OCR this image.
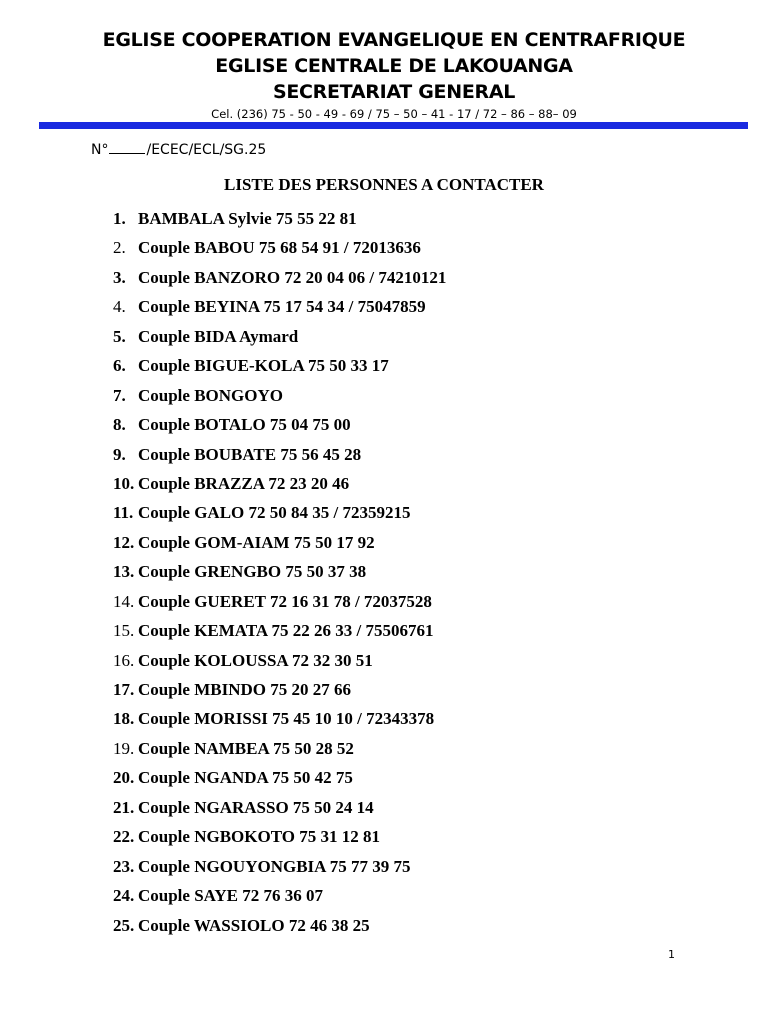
EGLISE COOPERATION EVANGELIQUE EN CENTRAFRIQUE
EGLISE CENTRALE DE LAKOUANGA
SECRETARIAT GENERAL
Cel. (236) 75 - 50 - 49 - 69 / 75 – 50 – 41 - 17 / 72 – 86 – 88– 09
N°	/ECEC/ECL/SG.25
LISTE DES PERSONNES A CONTACTER
1. BAMBALA Sylvie 75 55 22 81
2. Couple BABOU 75 68 54 91 / 72013636
3. Couple BANZORO 72 20 04 06 / 74210121
4. Couple BEYINA 75 17 54 34 / 75047859
5. Couple BIDA Aymard
6. Couple BIGUE-KOLA 75 50 33 17
7. Couple BONGOYO
8. Couple BOTALO 75 04 75 00
9. Couple BOUBATE 75 56 45 28
10. Couple BRAZZA 72 23 20 46
11. Couple GALO 72 50 84 35 / 72359215
12. Couple GOM-AIAM 75 50 17 92
13. Couple GRENGBO 75 50 37 38
14. Couple GUERET 72 16 31 78 / 72037528
15. Couple KEMATA 75 22 26 33 / 75506761
16. Couple KOLOUSSA 72 32 30 51
17. Couple MBINDO 75 20 27 66
18. Couple MORISSI 75 45 10 10 / 72343378
19. Couple NAMBEA 75 50 28 52
20. Couple NGANDA 75 50 42 75
21. Couple NGARASSO 75 50 24 14
22. Couple NGBOKOTO 75 31 12 81
23. Couple NGOUYONGBIA 75 77 39 75
24. Couple SAYE 72 76 36 07
25. Couple WASSIOLO 72 46 38 25
1
